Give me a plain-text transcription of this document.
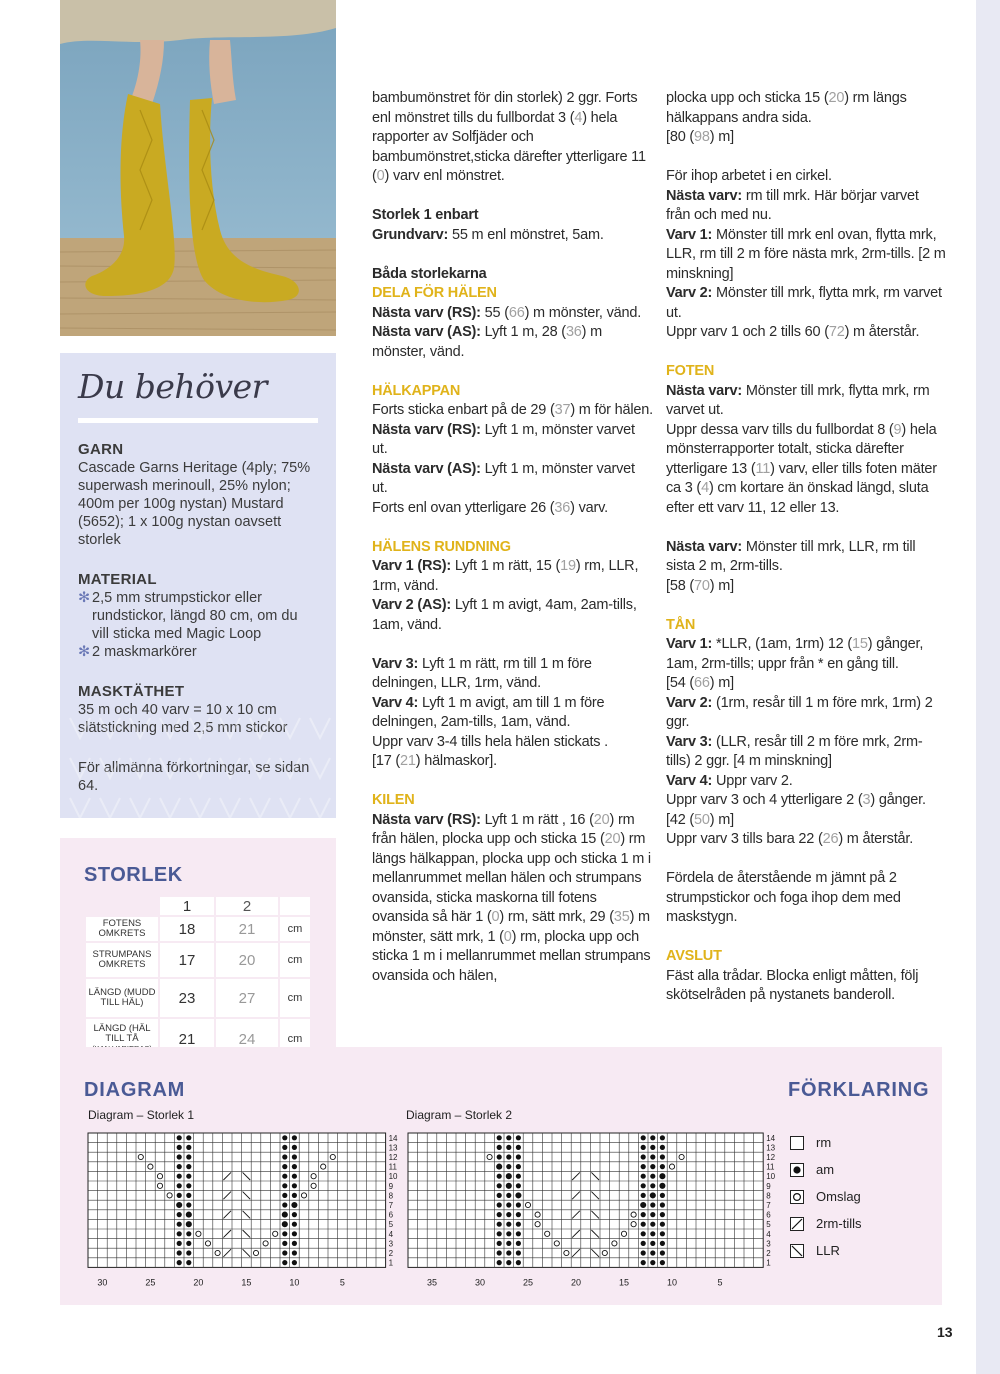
Du behöver
GARN
Cascade Garns Heritage (4ply; 75% superwash merinoull, 25% nylon; 400m per 100g nystan) Mustard (5652); 1 x 100g nystan oavsett storlek
MATERIAL
✻ 2,5 mm strumpstickor eller rundstickor, längd 80 cm, om du vill sticka med Magic Loop
✻ 2 maskmarkörer
MASKTÄTHET
35 m och 40 varv = 10 x 10 cm slätstickning med 2,5 mm stickor
För allmänna förkortningar, se sidan 64.
STORLEK
	1	2	
FOTENS OMKRETS	18	21	cm
STRUMPANS OMKRETS	17	20	cm
LÄNGD (MUDD TILL HÄL)	23	27	cm
LÄNGD (HÄL TILL TÅ	21	24	cm

bambumönstret för din storlek) 2 ggr. Forts enl mönstret tills du fullbordat 3 (4) hela rapporter av Solfjäder och bambumönstret,sticka därefter ytterligare 11 (0) varv enl mönstret.

Storlek 1 enbart

Grundvarv: 55 m enl mönstret, 5am.

Båda storlekarna

DELA FÖR HÄLEN

Nästa varv (RS): 55 (66) m mönster, vänd.

Nästa varv (AS): Lyft 1 m, 28 (36) m mönster, vänd.

HÄLKAPPAN

Forts sticka enbart på de 29 (37) m för hälen.

Nästa varv (RS): Lyft 1 m, mönster varvet ut.

Nästa varv (AS): Lyft 1 m, mönster varvet ut.

Forts enl ovan ytterligare 26 (36) varv.

HÄLENS RUNDNING

Varv 1 (RS): Lyft 1 m rätt, 15 (19) rm, LLR, 1rm, vänd.

Varv 2 (AS): Lyft 1 m avigt, 4am, 2am-tills, 1am, vänd.

Varv 3: Lyft 1 m rätt, rm till 1 m före delningen, LLR, 1rm, vänd.

Varv 4: Lyft 1 m avigt, am till 1 m före delningen, 2am-tills, 1am, vänd.

Uppr varv 3-4 tills hela hälen stickats .

[17 (21) hälmaskor].

KILEN

Nästa varv (RS): Lyft 1 m rätt , 16 (20) rm från hälen, plocka upp och sticka 15 (20) rm längs hälkappan, plocka upp och sticka 1 m i mellanrummet mellan hälen och strumpans ovansida, sticka maskorna till fotens ovansida så här 1 (0) rm, sätt mrk, 29 (35) m mönster, sätt mrk, 1 (0) rm, plocka upp och sticka 1 m i mellanrummet mellan strumpans ovansida och hälen,

plocka upp och sticka 15 (20) rm längs hälkappans andra sida.

[80 (98) m]

För ihop arbetet i en cirkel.

Nästa varv: rm till mrk. Här börjar varvet från och med nu.

Varv 1: Mönster till mrk enl ovan, flytta mrk, LLR, rm till 2 m före nästa mrk, 2rm-tills. [2 m minskning]

Varv 2: Mönster till mrk, flytta mrk, rm varvet ut.

Uppr varv 1 och 2 tills 60 (72) m återstår.

FOTEN

Nästa varv: Mönster till mrk, flytta mrk, rm varvet ut.

Uppr dessa varv tills du fullbordat 8 (9) hela mönsterrapporter totalt, sticka därefter ytterligare 13 (11) varv, eller tills foten mäter ca 3 (4) cm kortare än önskad längd, sluta efter ett varv 11, 12 eller 13.

Nästa varv: Mönster till mrk, LLR, rm till sista 2 m, 2rm-tills.

[58 (70) m]

TÅN

Varv 1: *LLR, (1am, 1rm) 12 (15) gånger, 1am, 2rm-tills; uppr från * en gång till.

[54 (66) m]

Varv 2: (1rm, resår till 1 m före mrk, 1rm) 2 ggr.

Varv 3: (LLR, resår till 2 m före mrk, 2rm-tills) 2 ggr. [4 m minskning]

Varv 4: Uppr varv 2.

Uppr varv 3 och 4 ytterligare 2 (3) gånger.

[42 (50) m]

Uppr varv 3 tills bara 22 (26) m återstår.

Fördela de återstående m jämnt på 2 strumpstickor och foga ihop dem med maskstygn.

AVSLUT

Fäst alla trådar. Blocka enligt måtten, följ skötselråden på nystanets banderoll.

DIAGRAM	FÖRKLARING
Diagram – Storlek 1	Diagram – Storlek 2
14
13
12
11
10
9
8
7
6
5
4
3
2
1
30	25	20	15	10	5
14
13
12
11
10
9
8
7
6
5
4
3
2
1
35	30	25	20	15	10	5
rm
am
Omslag
2rm-tills
LLR
13
